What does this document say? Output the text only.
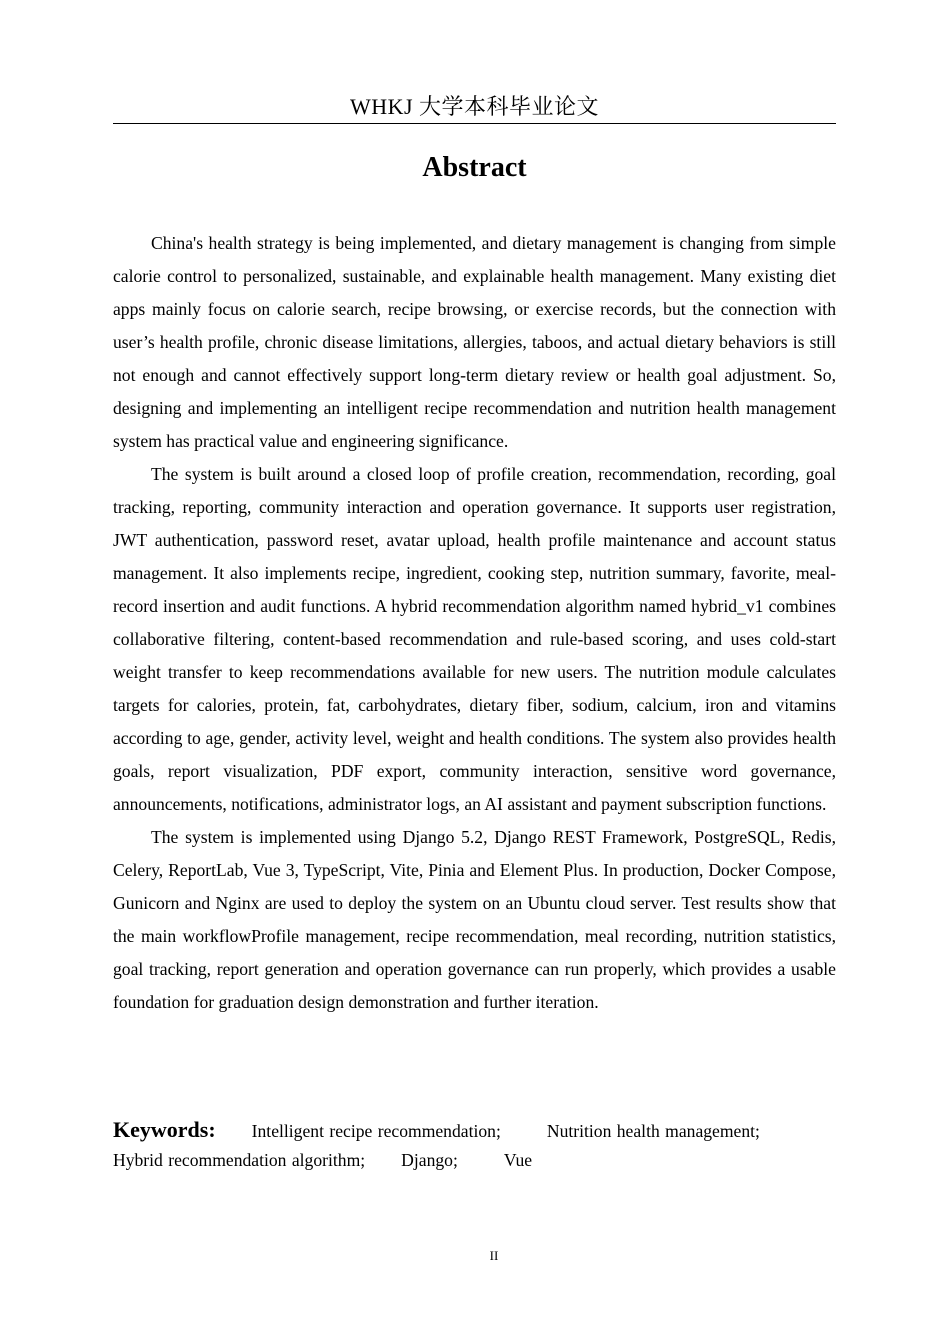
WHKJ 大学本科毕业论文
Abstract

China's health strategy is being implemented, and dietary management is changing from simple calorie control to personalized, sustainable, and explainable health management. Many existing diet apps mainly focus on calorie search, recipe browsing, or exercise records, but the connection with user’s health profile, chronic disease limitations, allergies, taboos, and actual dietary behaviors is still not enough and cannot effectively support long-term dietary review or health goal adjustment. So, designing and implementing an intelligent recipe recommendation and nutrition health management system has practical value and engineering significance.

The system is built around a closed loop of profile creation, recommendation, recording, goal tracking, reporting, community interaction and operation governance. It supports user registration, JWT authentication, password reset, avatar upload, health profile maintenance and account status management. It also implements recipe, ingredient, cooking step, nutrition summary, favorite, meal-record insertion and audit functions. A hybrid recommendation algorithm named hybrid_v1 combines collaborative filtering, content-based recommendation and rule-based scoring, and uses cold-start weight transfer to keep recommendations available for new users. The nutrition module calculates targets for calories, protein, fat, carbohydrates, dietary fiber, sodium, calcium, iron and vitamins according to age, gender, activity level, weight and health conditions. The system also provides health goals, report visualization, PDF export, community interaction, sensitive word governance, announcements, notifications, administrator logs, an AI assistant and payment subscription functions.

The system is implemented using Django 5.2, Django REST Framework, PostgreSQL, Redis, Celery, ReportLab, Vue 3, TypeScript, Vite, Pinia and Element Plus. In production, Docker Compose, Gunicorn and Nginx are used to deploy the system on an Ubuntu cloud server. Test results show that the main workflowProfile management, recipe recommendation, meal recording, nutrition statistics, goal tracking, report generation and operation governance can run properly, which provides a usable foundation for graduation design demonstration and further iteration.

Keywords: Intelligent recipe recommendation;	Nutrition health management;
Hybrid recommendation algorithm; Django;	Vue
II
